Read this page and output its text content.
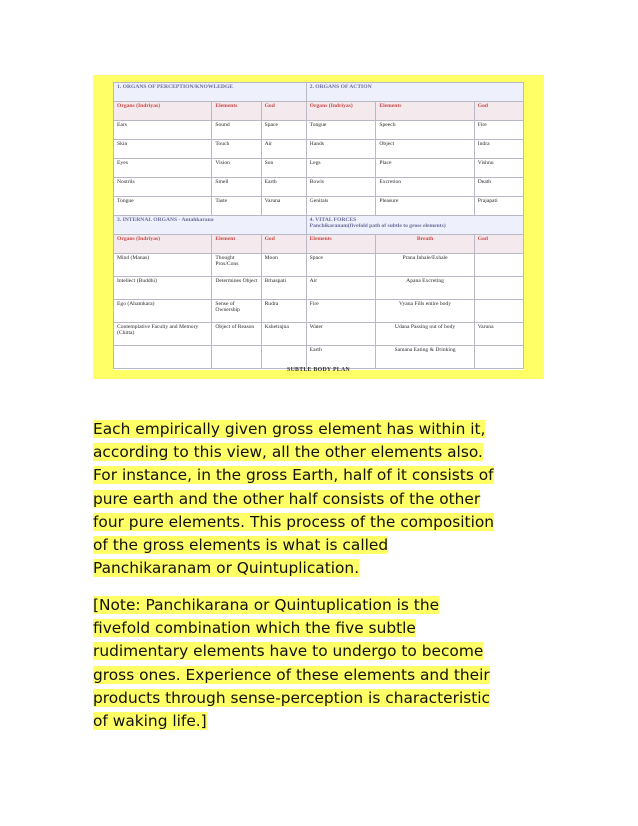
1. ORGANS OF PERCEPTION/KNOWLEDGE			2. ORGANS OF ACTION		
Organs (Indriyas)	Elements	God	Organs (Indriyas)	Elements	God
Ears	Sound	Space	Tongue	Speech	Fire
Skin	Touch	Air	Hands	Object	Indra
Eyes	Vision	Sun	Legs	Place	Vishnu
Nostrils	Smell	Earth	Bowls	Excretion	Death
Tongue	Taste	Varuna	Genitals	Pleasure	Prajapati
3. INTERNAL ORGANS - Antahkarana			4. VITAL FORCES
Panchikaranam(fivefold path of subtle to gross elements)		
Organs (Indriyas)	Element	God	Elements	Breath	God
Mind (Manas)	Thought Pros/Cons	Moon	Space	Prana Inhale/Exhale	
Intellect (Buddhi)	Determines Object	Brhaspati	Air	Apana Excreting	
Ego (Ahamkara)	Sense of Ownership	Rudra	Fire	Vyana Fills entire body	
Contemplative Faculty and Memory (Chitta)	Object of Reason	Kshetrajna	Water	Udana Passing out of body	Varuna
			Earth	Samana Eating & Drinking	
SUBTLE BODY PLAN

Each empirically given gross element has within it,
according to this view, all the other elements also.
For instance, in the gross Earth, half of it consists of
pure earth and the other half consists of the other
four pure elements. This process of the composition
of the gross elements is what is called
Panchikaranam or Quintuplication.

[Note: Panchikarana or Quintuplication is the
fivefold combination which the five subtle
rudimentary elements have to undergo to become
gross ones. Experience of these elements and their
products through sense-perception is characteristic
of waking life.]
